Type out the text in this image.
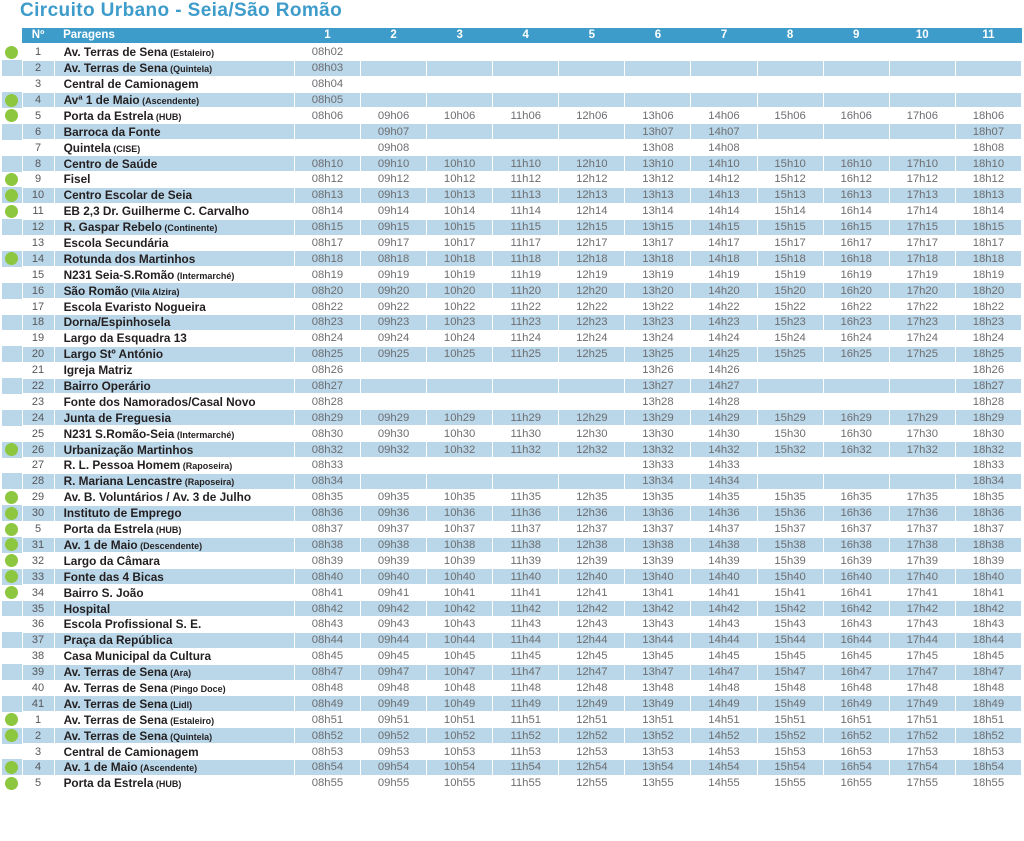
Circuito Urbano - Seia/São Romão
	Nº	Paragens	1	2	3	4	5	6	7	8	9	10	11

	1	Av. Terras de Sena (Estaleiro)	08h02										
	2	Av. Terras de Sena (Quintela)	08h03										
	3	Central de Camionagem	08h04										

	4	Avª 1 de Maio (Ascendente)	08h05										

	5	Porta da Estrela (HUB)	08h06	09h06	10h06	11h06	12h06	13h06	14h06	15h06	16h06	17h06	18h06
	6	Barroca da Fonte		09h07				13h07	14h07				18h07
	7	Quintela (CISE)		09h08				13h08	14h08				18h08
	8	Centro de Saúde	08h10	09h10	10h10	11h10	12h10	13h10	14h10	15h10	16h10	17h10	18h10

	9	Fisel	08h12	09h12	10h12	11h12	12h12	13h12	14h12	15h12	16h12	17h12	18h12

	10	Centro Escolar de Seia	08h13	09h13	10h13	11h13	12h13	13h13	14h13	15h13	16h13	17h13	18h13

	11	EB 2,3 Dr. Guilherme C. Carvalho	08h14	09h14	10h14	11h14	12h14	13h14	14h14	15h14	16h14	17h14	18h14
	12	R. Gaspar Rebelo (Continente)	08h15	09h15	10h15	11h15	12h15	13h15	14h15	15h15	16h15	17h15	18h15
	13	Escola Secundária	08h17	09h17	10h17	11h17	12h17	13h17	14h17	15h17	16h17	17h17	18h17

	14	Rotunda dos Martinhos	08h18	08h18	10h18	11h18	12h18	13h18	14h18	15h18	16h18	17h18	18h18
	15	N231 Seia-S.Romão (Intermarché)	08h19	09h19	10h19	11h19	12h19	13h19	14h19	15h19	16h19	17h19	18h19
	16	São Romão (Vila Alzira)	08h20	09h20	10h20	11h20	12h20	13h20	14h20	15h20	16h20	17h20	18h20
	17	Escola Evaristo Nogueira	08h22	09h22	10h22	11h22	12h22	13h22	14h22	15h22	16h22	17h22	18h22
	18	Dorna/Espinhosela	08h23	09h23	10h23	11h23	12h23	13h23	14h23	15h23	16h23	17h23	18h23
	19	Largo da Esquadra 13	08h24	09h24	10h24	11h24	12h24	13h24	14h24	15h24	16h24	17h24	18h24
	20	Largo Stº António	08h25	09h25	10h25	11h25	12h25	13h25	14h25	15h25	16h25	17h25	18h25
	21	Igreja Matriz	08h26					13h26	14h26				18h26
	22	Bairro Operário	08h27					13h27	14h27				18h27
	23	Fonte dos Namorados/Casal Novo	08h28					13h28	14h28				18h28
	24	Junta de Freguesia	08h29	09h29	10h29	11h29	12h29	13h29	14h29	15h29	16h29	17h29	18h29
	25	N231 S.Romão-Seia (Intermarché)	08h30	09h30	10h30	11h30	12h30	13h30	14h30	15h30	16h30	17h30	18h30

	26	Urbanização Martinhos	08h32	09h32	10h32	11h32	12h32	13h32	14h32	15h32	16h32	17h32	18h32
	27	R. L. Pessoa Homem (Raposeira)	08h33					13h33	14h33				18h33
	28	R. Mariana Lencastre (Raposeira)	08h34					13h34	14h34				18h34

	29	Av. B. Voluntários / Av. 3 de Julho	08h35	09h35	10h35	11h35	12h35	13h35	14h35	15h35	16h35	17h35	18h35

	30	Instituto de Emprego	08h36	09h36	10h36	11h36	12h36	13h36	14h36	15h36	16h36	17h36	18h36

	5	Porta da Estrela (HUB)	08h37	09h37	10h37	11h37	12h37	13h37	14h37	15h37	16h37	17h37	18h37

	31	Av. 1 de Maio (Descendente)	08h38	09h38	10h38	11h38	12h38	13h38	14h38	15h38	16h38	17h38	18h38

	32	Largo da Câmara	08h39	09h39	10h39	11h39	12h39	13h39	14h39	15h39	16h39	17h39	18h39

	33	Fonte das 4 Bicas	08h40	09h40	10h40	11h40	12h40	13h40	14h40	15h40	16h40	17h40	18h40

	34	Bairro S. João	08h41	09h41	10h41	11h41	12h41	13h41	14h41	15h41	16h41	17h41	18h41
	35	Hospital	08h42	09h42	10h42	11h42	12h42	13h42	14h42	15h42	16h42	17h42	18h42
	36	Escola Profissional S. E.	08h43	09h43	10h43	11h43	12h43	13h43	14h43	15h43	16h43	17h43	18h43
	37	Praça da República	08h44	09h44	10h44	11h44	12h44	13h44	14h44	15h44	16h44	17h44	18h44
	38	Casa Municipal da Cultura	08h45	09h45	10h45	11h45	12h45	13h45	14h45	15h45	16h45	17h45	18h45
	39	Av. Terras de Sena (Ara)	08h47	09h47	10h47	11h47	12h47	13h47	14h47	15h47	16h47	17h47	18h47
	40	Av. Terras de Sena (Pingo Doce)	08h48	09h48	10h48	11h48	12h48	13h48	14h48	15h48	16h48	17h48	18h48
	41	Av. Terras de Sena (Lidl)	08h49	09h49	10h49	11h49	12h49	13h49	14h49	15h49	16h49	17h49	18h49

	1	Av. Terras de Sena (Estaleiro)	08h51	09h51	10h51	11h51	12h51	13h51	14h51	15h51	16h51	17h51	18h51

	2	Av. Terras de Sena (Quintela)	08h52	09h52	10h52	11h52	12h52	13h52	14h52	15h52	16h52	17h52	18h52
	3	Central de Camionagem	08h53	09h53	10h53	11h53	12h53	13h53	14h53	15h53	16h53	17h53	18h53

	4	Av. 1 de Maio (Ascendente)	08h54	09h54	10h54	11h54	12h54	13h54	14h54	15h54	16h54	17h54	18h54

	5	Porta da Estrela (HUB)	08h55	09h55	10h55	11h55	12h55	13h55	14h55	15h55	16h55	17h55	18h55
